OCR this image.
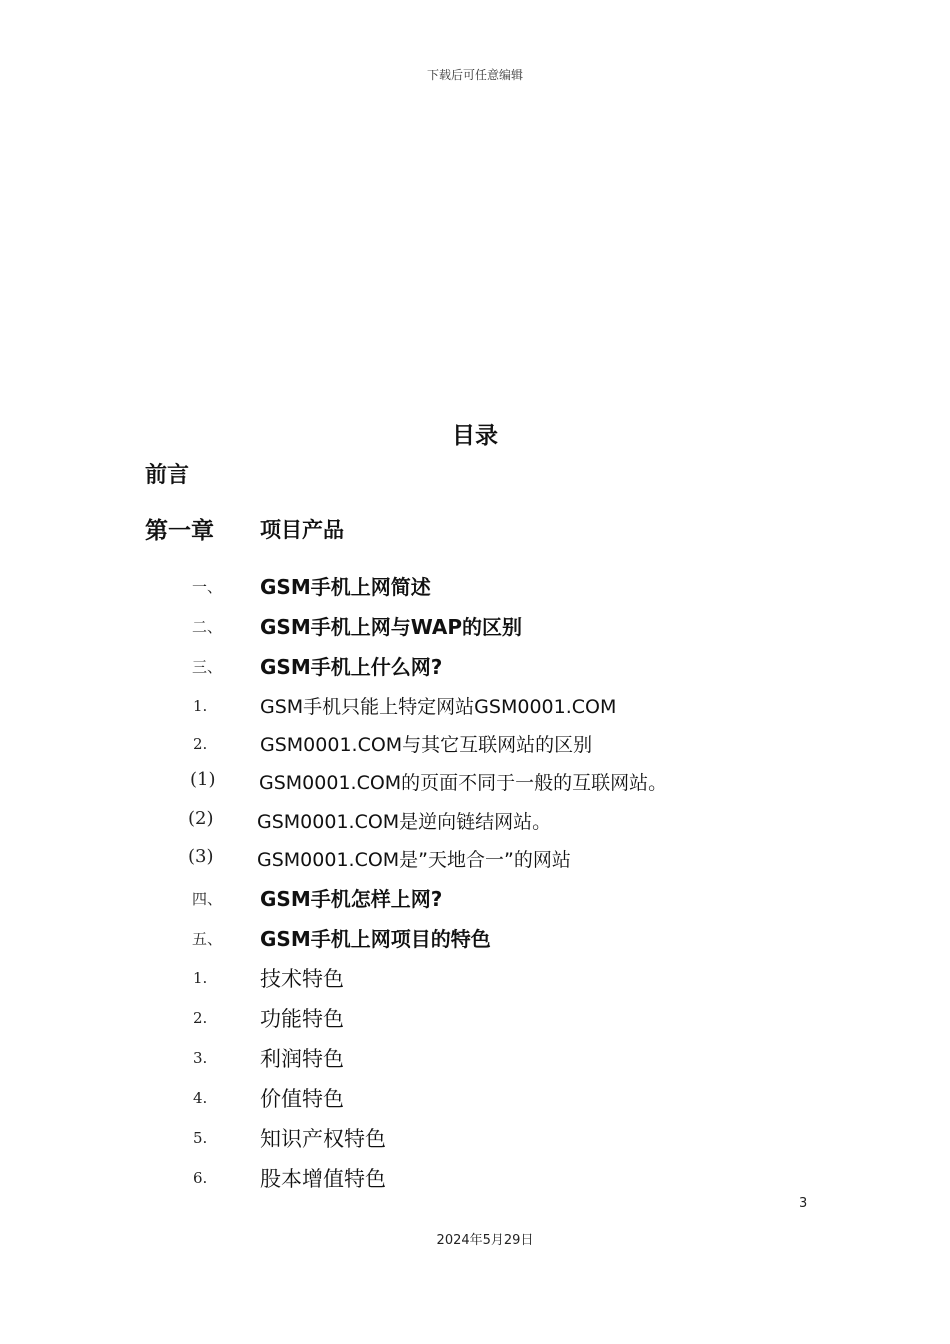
下载后可任意编辑
目录
前言
第一章 项目产品
一、 GSM手机上网简述
二、 GSM手机上网与WAP的区别
三、 GSM手机上什么网?
1.	GSM手机只能上特定网站GSM0001.COM
2.	GSM0001.COM与其它互联网站的区别
(1) GSM0001.COM的页面不同于一般的互联网站。
(2) GSM0001.COM是逆向链结网站。
(3) GSM0001.COM是”天地合一”的网站
四、 GSM手机怎样上网?
五、 GSM手机上网项目的特色
1.	技术特色
2.	功能特色
3.	利润特色
4.	价值特色
5.	知识产权特色
6.	股本增值特色
3
2024年5月29日
